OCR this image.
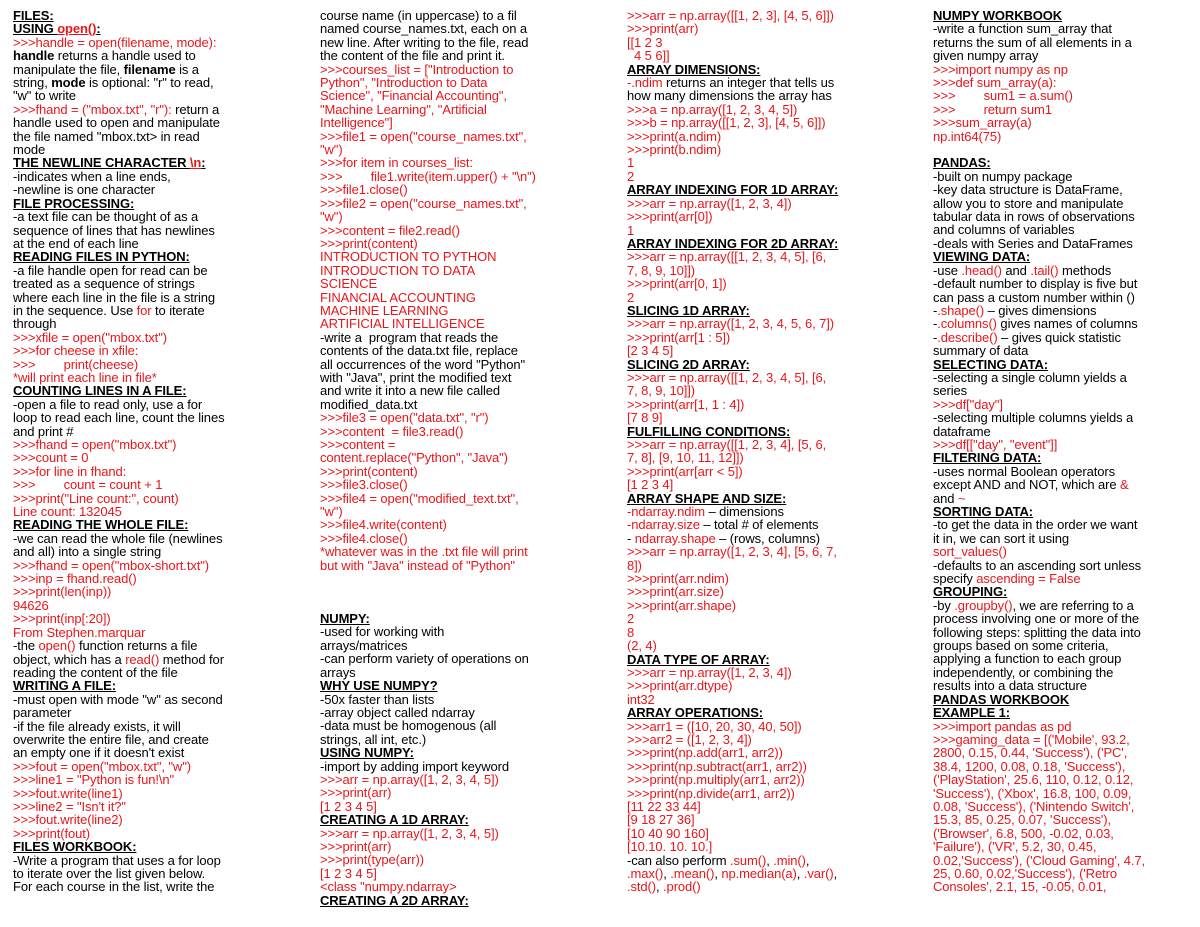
FILES:
USING open():
>>>handle = open(filename, mode):
handle returns a handle used to
manipulate the file, filename is a
string, mode is optional: "r" to read,
"w" to write
>>>fhand = ("mbox.txt", "r"): return a
handle used to open and manipulate
the file named "mbox.txt> in read
mode
THE NEWLINE CHARACTER \n:
-indicates when a line ends,
-newline is one character
FILE PROCESSING:
-a text file can be thought of as a
sequence of lines that has newlines
at the end of each line
READING FILES IN PYTHON:
-a file handle open for read can be
treated as a sequence of strings
where each line in the file is a string
in the sequence. Use for to iterate
through
>>>xfile = open("mbox.txt")
>>>for cheese in xfile:
>>>        print(cheese)
*will print each line in file*
COUNTING LINES IN A FILE:
-open a file to read only, use a for
loop to read each line, count the lines
and print #
>>>fhand = open("mbox.txt")
>>>count = 0
>>>for line in fhand:
>>>        count = count + 1
>>>print("Line count:", count)
Line count: 132045
READING THE WHOLE FILE:
-we can read the whole file (newlines
and all) into a single string
>>>fhand = open("mbox-short.txt")
>>>inp = fhand.read()
>>>print(len(inp))
94626
>>>print(inp[:20])
From Stephen.marquar
-the open() function returns a file
object, which has a read() method for
reading the content of the file
WRITING A FILE:
-must open with mode "w" as second
parameter
-if the file already exists, it will
overwrite the entire file, and create
an empty one if it doesn't exist
>>>fout = open("mbox.txt", "w")
>>>line1 = "Python is fun!\n"
>>>fout.write(line1)
>>>line2 = "Isn't it?"
>>>fout.write(line2)
>>>print(fout)
FILES WORKBOOK:
-Write a program that uses a for loop
to iterate over the list given below.
For each course in the list, write the
course name (in uppercase) to a fil
named course_names.txt, each on a
new line. After writing to the file, read
the content of the file and print it.
>>>courses_list = ["Introduction to
Python", "Introduction to Data
Science", "Financial Accounting",
"Machine Learning", "Artificial
Intelligence"]
>>>file1 = open("course_names.txt",
"w")
>>>for item in courses_list:
>>>        file1.write(item.upper() + "\n")
>>>file1.close()
>>>file2 = open("course_names.txt",
"w")
>>>content = file2.read()
>>>print(content)
INTRODUCTION TO PYTHON
INTRODUCTION TO DATA
SCIENCE
FINANCIAL ACCOUNTING
MACHINE LEARNING
ARTIFICIAL INTELLIGENCE
-write a  program that reads the
contents of the data.txt file, replace
all occurrences of the word "Python"
with "Java", print the modified text
and write it into a new file called
modified_data.txt
>>>file3 = open("data.txt", "r")
>>>content  = file3.read()
>>>content =
content.replace("Python", "Java")
>>>print(content)
>>>file3.close()
>>>file4 = open("modified_text.txt",
"w")
>>>file4.write(content)
>>>file4.close()
*whatever was in the .txt file will print
but with "Java" instead of "Python"
NUMPY:
-used for working with
arrays/matrices
-can perform variety of operations on
arrays
WHY USE NUMPY?
-50x faster than lists
-array object called ndarray
-data must be homogenous (all
strings, all int, etc.)
USING NUMPY:
-import by adding import keyword
>>>arr = np.array([1, 2, 3, 4, 5])
>>>print(arr)
[1 2 3 4 5]
CREATING A 1D ARRAY:
>>>arr = np.array([1, 2, 3, 4, 5])
>>>print(arr)
>>>print(type(arr))
[1 2 3 4 5]
<class "numpy.ndarray>
CREATING A 2D ARRAY:
>>>arr = np.array([[1, 2, 3], [4, 5, 6]])
>>>print(arr)
[[1 2 3
4 5 6]]
ARRAY DIMENSIONS:
-.ndim returns an integer that tells us
how many dimensions the array has
>>>a = np.array([1, 2, 3, 4, 5])
>>>b = np.array([[1, 2, 3], [4, 5, 6]])
>>>print(a.ndim)
>>>print(b.ndim)
1
2
ARRAY INDEXING FOR 1D ARRAY:
>>>arr = np.array([1, 2, 3, 4])
>>>print(arr[0])
1
ARRAY INDEXING FOR 2D ARRAY:
>>>arr = np.array([[1, 2, 3, 4, 5], [6,
7, 8, 9, 10]])
>>>print(arr[0, 1])
2
SLICING 1D ARRAY:
>>>arr = np.array([1, 2, 3, 4, 5, 6, 7])
>>>print(arr[1 : 5])
[2 3 4 5]
SLICING 2D ARRAY:
>>>arr = np.array([[1, 2, 3, 4, 5], [6,
7, 8, 9, 10]])
>>>print(arr[1, 1 : 4])
[7 8 9]
FULFILLING CONDITIONS:
>>>arr = np.array([[1, 2, 3, 4], [5, 6,
7, 8], [9, 10, 11, 12]])
>>>print(arr[arr < 5])
[1 2 3 4]
ARRAY SHAPE AND SIZE:
-ndarray.ndim – dimensions
-ndarray.size – total # of elements
- ndarray.shape – (rows, columns)
>>>arr = np.array([1, 2, 3, 4], [5, 6, 7,
8])
>>>print(arr.ndim)
>>>print(arr.size)
>>>print(arr.shape)
2
8
(2, 4)
DATA TYPE OF ARRAY:
>>>arr = np.array([1, 2, 3, 4])
>>>print(arr.dtype)
int32
ARRAY OPERATIONS:
>>>arr1 = ([10, 20, 30, 40, 50])
>>>arr2 = ([1, 2, 3, 4])
>>>print(np.add(arr1, arr2))
>>>print(np.subtract(arr1, arr2))
>>>print(np.multiply(arr1, arr2))
>>>print(np.divide(arr1, arr2))
[11 22 33 44]
[9 18 27 36]
[10 40 90 160]
[10.10. 10. 10.]
-can also perform .sum(), .min(),
.max(), .mean(), np.median(a), .var(),
.std(), .prod()
NUMPY WORKBOOK
-write a function sum_array that
returns the sum of all elements in a
given numpy array
>>>import numpy as np
>>>def sum_array(a):
>>>        sum1 = a.sum()
>>>        return sum1
>>>sum_array(a)
np.int64(75)
PANDAS:
-built on numpy package
-key data structure is DataFrame,
allow you to store and manipulate
tabular data in rows of observations
and columns of variables
-deals with Series and DataFrames
VIEWING DATA:
-use .head() and .tail() methods
-default number to display is five but
can pass a custom number within ()
-.shape() – gives dimensions
-.columns() gives names of columns
-.describe() – gives quick statistic
summary of data
SELECTING DATA:
-selecting a single column yields a
series
>>>df["day"]
-selecting multiple columns yields a
dataframe
>>>df[["day", "event"]]
FILTERING DATA:
-uses normal Boolean operators
except AND and NOT, which are &
and ~
SORTING DATA:
-to get the data in the order we want
it in, we can sort it using
sort_values()
-defaults to an ascending sort unless
specify ascending = False
GROUPING:
-by .groupby(), we are referring to a
process involving one or more of the
following steps: splitting the data into
groups based on some criteria,
applying a function to each group
independently, or combining the
results into a data structure
PANDAS WORKBOOK
EXAMPLE 1:
>>>import pandas as pd
>>>gaming_data = [('Mobile', 93.2,
2800, 0.15, 0.44, 'Success'), ('PC',
38.4, 1200, 0.08, 0.18, 'Success'),
('PlayStation', 25.6, 110, 0.12, 0.12,
'Success'), ('Xbox', 16.8, 100, 0.09,
0.08, 'Success'), ('Nintendo Switch',
15.3, 85, 0.25, 0.07, 'Success'),
('Browser', 6.8, 500, -0.02, 0.03,
'Failure'), ('VR', 5.2, 30, 0.45,
0.02,'Success'), ('Cloud Gaming', 4.7,
25, 0.60, 0.02,'Success'), ('Retro
Consoles', 2.1, 15, -0.05, 0.01,
